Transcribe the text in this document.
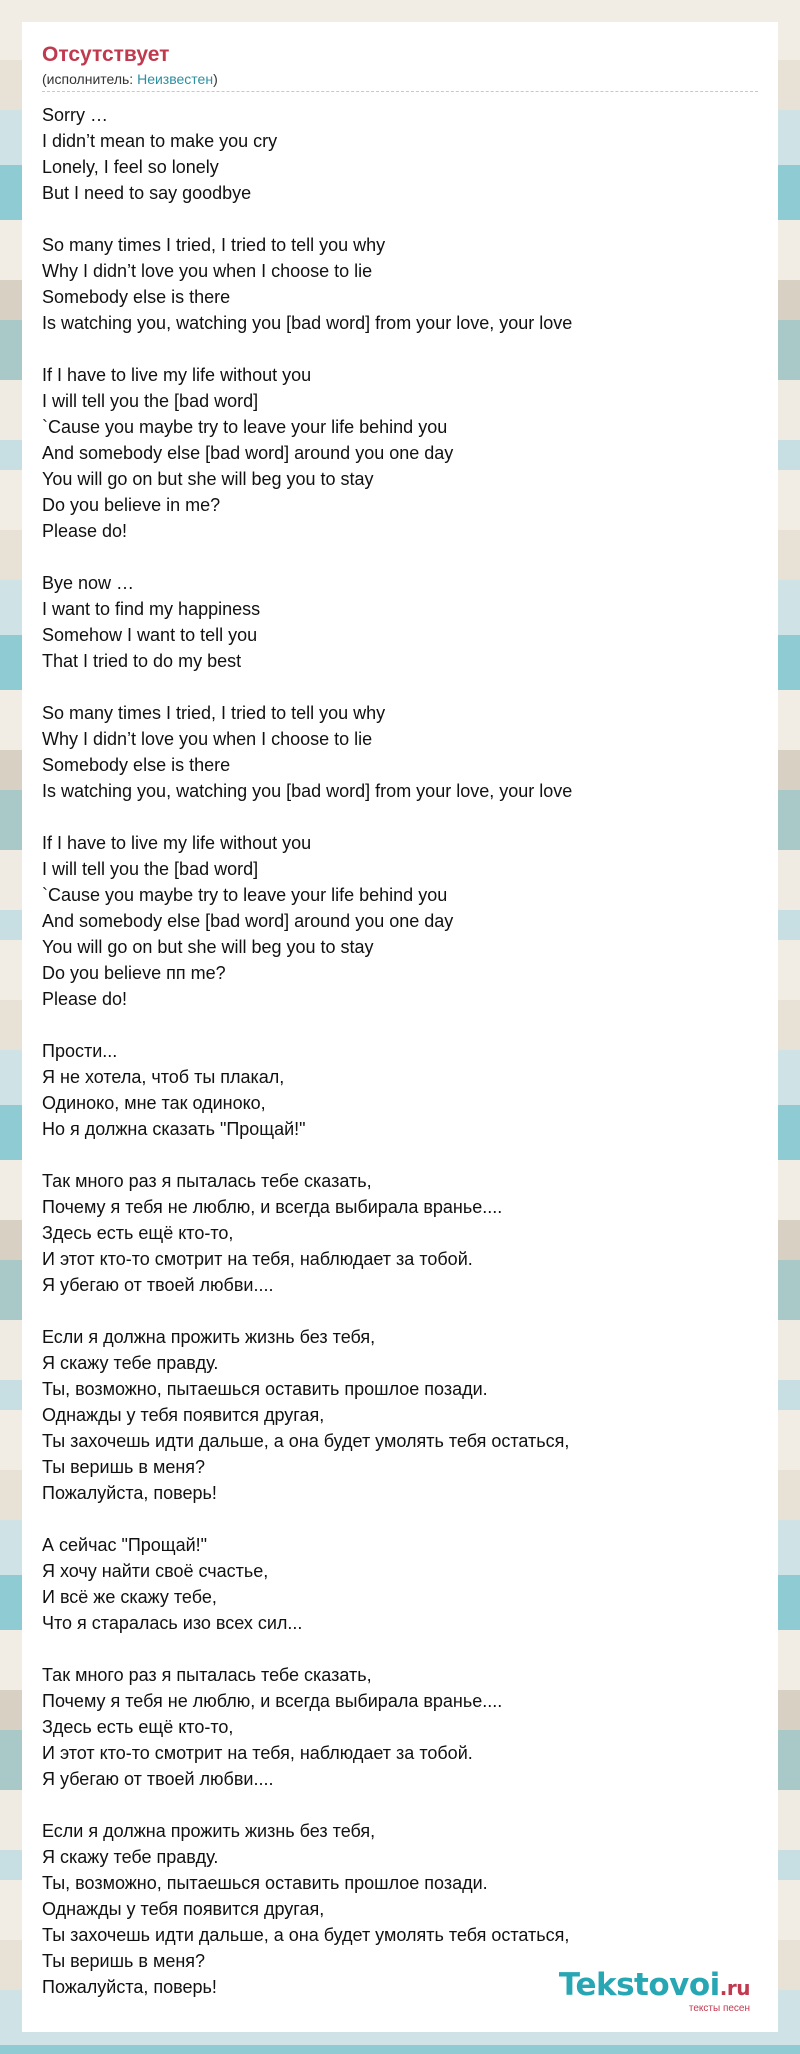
Отсутствует
(исполнитель: Неизвестен)
Sorry …
I didn’t mean to make you cry
Lonely, I feel so lonely
But I need to say goodbye

So many times I tried, I tried to tell you why
Why I didn’t love you when I choose to lie
Somebody else is there
Is watching you, watching you [bad word] from your love, your love

If I have to live my life without you
I will tell you the [bad word]
`Cause you maybe try to leave your life behind you
And somebody else [bad word] around you one day
You will go on but she will beg you to stay
Do you believe in me?
Please do!

Bye now …
I want to find my happiness
Somehow I want to tell you
That I tried to do my best

So many times I tried, I tried to tell you why
Why I didn’t love you when I choose to lie
Somebody else is there
Is watching you, watching you [bad word] from your love, your love

If I have to live my life without you
I will tell you the [bad word]
`Cause you maybe try to leave your life behind you
And somebody else [bad word] around you one day
You will go on but she will beg you to stay
Do you believe пп me?
Please do!

Прости...
Я не хотела, чтоб ты плакал,
Одиноко, мне так одиноко,
Но я должна сказать "Прощай!"

Так много раз я пыталась тебе сказать,
Почему я тебя не люблю, и всегда выбирала вранье....
Здесь есть ещё кто-то,
И этот кто-то смотрит на тебя, наблюдает за тобой.
Я убегаю от твоей любви....

Если я должна прожить жизнь без тебя,
Я скажу тебе правду.
Ты, возможно, пытаешься оставить прошлое позади.
Однажды у тебя появится другая,
Ты захочешь идти дальше, а она будет умолять тебя остаться,
Ты веришь в меня?
Пожалуйста, поверь!

А сейчас "Прощай!"
Я хочу найти своё счастье,
И всё же скажу тебе,
Что я старалась изо всех сил...

Так много раз я пыталась тебе сказать,
Почему я тебя не люблю, и всегда выбирала вранье....
Здесь есть ещё кто-то,
И этот кто-то смотрит на тебя, наблюдает за тобой.
Я убегаю от твоей любви....

Если я должна прожить жизнь без тебя,
Я скажу тебе правду.
Ты, возможно, пытаешься оставить прошлое позади.
Однажды у тебя появится другая,
Ты захочешь идти дальше, а она будет умолять тебя остаться,
Ты веришь в меня?
Пожалуйста, поверь!	Tekstovoi.ru
тексты песен
